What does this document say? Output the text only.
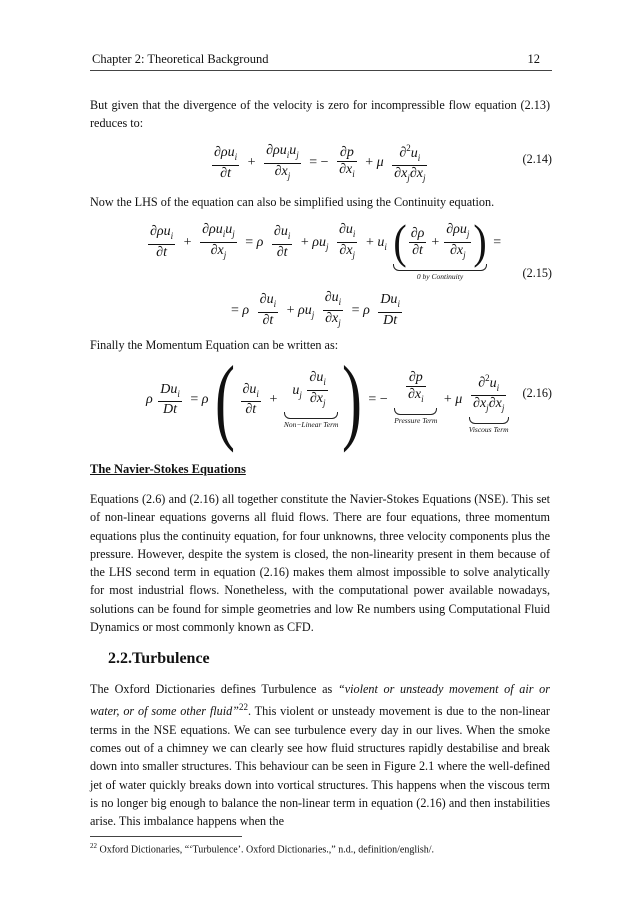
Chapter 2: Theoretical Background	12
But given that the divergence of the velocity is zero for incompressible flow equation (2.13) reduces to:
$\frac{\partial\rho u_i}{\partial t} + \frac{\partial\rho u_iu_j}{\partial x_j}$ = − $\frac{\partial p}{\partial x_i} + \mu \frac{\partial^2u_i}{\partial x_j\partial x_j}$	(2.14)
Now the LHS of the equation can also be simplified using the Continuity equation.
$\frac{\partial\rho u_i}{\partial t} + \frac{\partial\rho u_iu_j}{\partial x_j} = \rho \frac{\partial u_i}{\partial t} + \rho u_j \frac{\partial u_i}{\partial x_j} + u_i$ ( $\frac{\partial\rho}{\partial t} + \frac{\partial\rho u_j}{\partial x_j}$ )
0 by Continuity
=
(2.15)
= ρ $\frac{\partial u_i}{\partial t} + \rho u_j \frac{\partial u_i}{\partial x_j} = \rho \frac{Du_i}{Dt}$
Finally the Momentum Equation can be written as:
ρ $\frac{Du_i}{Dt} = \rho$ ( $\frac{\partial u_i}{\partial t} + u_j \frac{\partial u_i}{\partial x_j}$
Non−Linear Term ) = − $\frac{\partial p}{\partial x_i}$
Pressure Term
+ μ $\frac{\partial^2u_i}{\partial x_j\partial x_j}$
Viscous Term
(2.16)
The Navier-Stokes Equations
Equations (2.6) and (2.16) all together constitute the Navier-Stokes Equations (NSE). This set of non-linear equations governs all fluid flows. There are four equations, three momentum equations plus the continuity equation, for four unknowns, three velocity components plus the pressure. However, despite the system is closed, the non-linearity present in them because of the LHS second term in equation (2.16) makes them almost impossible to solve analytically for most industrial flows. Nonetheless, with the computational power available nowadays, solutions can be found for simple geometries and low Re numbers using Computational Fluid Dynamics or most commonly known as CFD.
2.2.Turbulence
The Oxford Dictionaries defines Turbulence as “violent or unsteady movement of air or water, or of some other fluid”$^{22}$. This violent or unsteady movement is due to the non-linear terms in the NSE equations. We can see turbulence every day in our lives. When the smoke comes out of a chimney we can clearly see how fluid structures rapidly destabilise and break down into smaller structures. This behaviour can be seen in Figure 2.1 where the well-defined jet of water quickly breaks down into vortical structures. This happens when the viscous term is no longer big enough to balance the non-linear term in equation (2.16) and then instabilities arise. This imbalance happens when the
$^{22}$ Oxford Dictionaries, “‘Turbulence’. Oxford Dictionaries.,” n.d., definition/english/.
